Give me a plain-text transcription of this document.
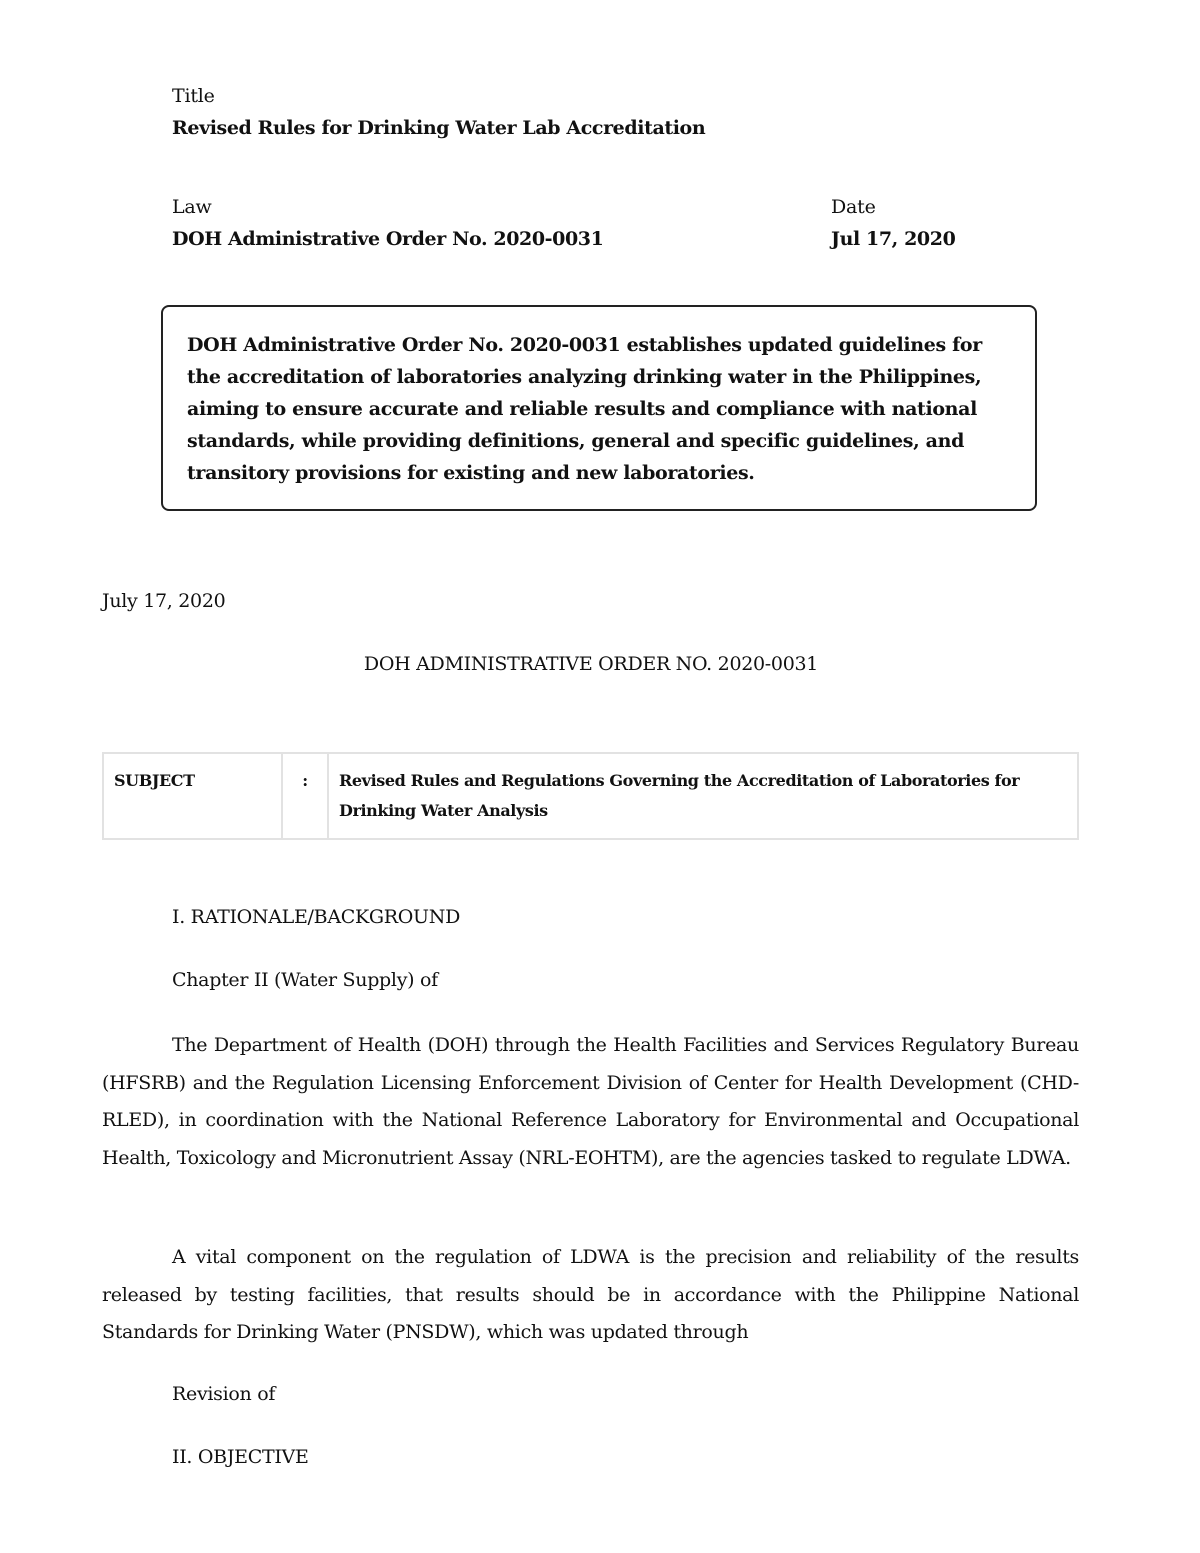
Title
Revised Rules for Drinking Water Lab Accreditation
Law
DOH Administrative Order No. 2020-0031
Date
Jul 17, 2020
DOH Administrative Order No. 2020-0031 establishes updated guidelines for the accreditation of laboratories analyzing drinking water in the Philippines, aiming to ensure accurate and reliable results and compliance with national standards, while providing definitions, general and specific guidelines, and transitory provisions for existing and new laboratories.
July 17, 2020
DOH ADMINISTRATIVE ORDER NO. 2020-0031
SUBJECT	:	Revised Rules and Regulations Governing the Accreditation of Laboratories for Drinking Water Analysis
I. RATIONALE/BACKGROUND
Chapter II (Water Supply) of

The Department of Health (DOH) through the Health Facilities and Services Regulatory Bureau (HFSRB) and the Regulation Licensing Enforcement Division of Center for Health Development (CHD-RLED), in coordination with the National Reference Laboratory for Environmental and Occupational Health, Toxicology and Micronutrient Assay (NRL-EOHTM), are the agencies tasked to regulate LDWA.

A vital component on the regulation of LDWA is the precision and reliability of the results released by testing facilities, that results should be in accordance with the Philippine National Standards for Drinking Water (PNSDW), which was updated through

Revision of
II. OBJECTIVE
